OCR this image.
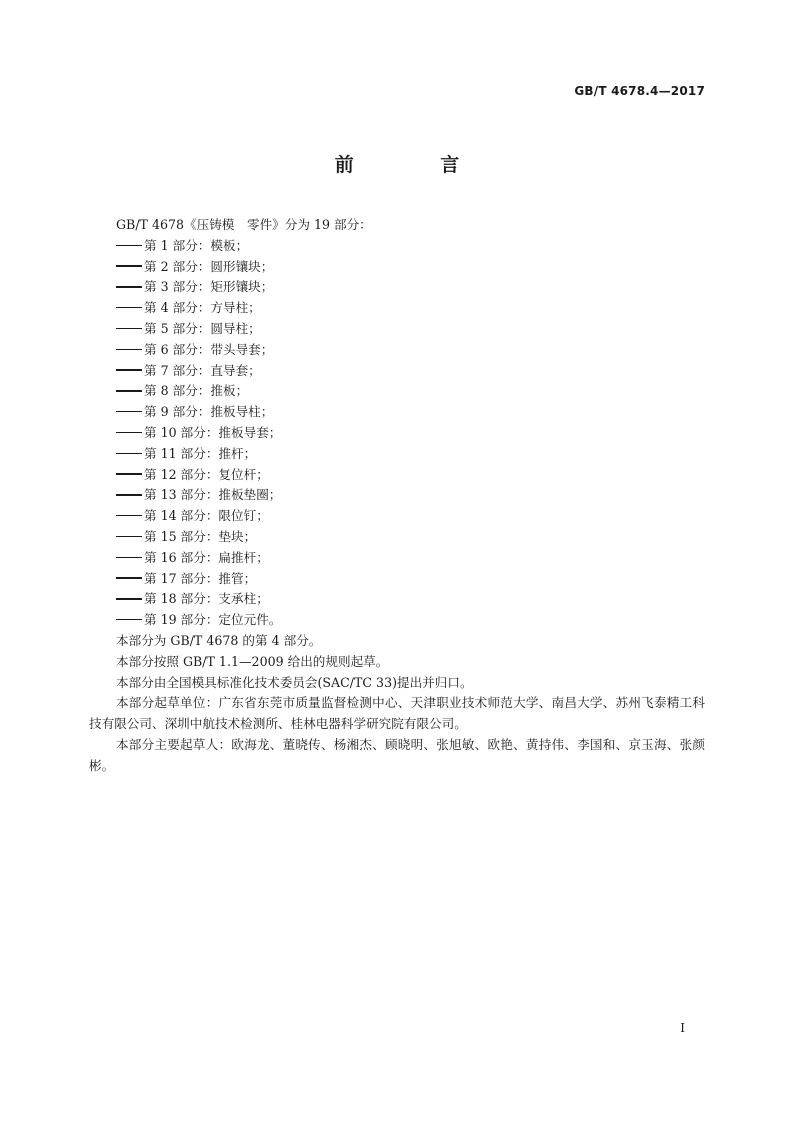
GB/T 4678.4—2017
前 言

GB/T 4678《压铸模　零件》分为 19 部分：

第 1 部分：模板；

第 2 部分：圆形镶块；

第 3 部分：矩形镶块；

第 4 部分：方导柱；

第 5 部分：圆导柱；

第 6 部分：带头导套；

第 7 部分：直导套；

第 8 部分：推板；

第 9 部分：推板导柱；

第 10 部分：推板导套；

第 11 部分：推杆；

第 12 部分：复位杆；

第 13 部分：推板垫圈；

第 14 部分：限位钉；

第 15 部分：垫块；

第 16 部分：扁推杆；

第 17 部分：推管；

第 18 部分：支承柱；

第 19 部分：定位元件。

本部分为 GB/T 4678 的第 4 部分。

本部分按照 GB/T 1.1—2009 给出的规则起草。

本部分由全国模具标准化技术委员会(SAC/TC 33)提出并归口。

本部分起草单位：广东省东莞市质量监督检测中心、天津职业技术师范大学、南昌大学、苏州飞泰精工科技有限公司、深圳中航技术检测所、桂林电器科学研究院有限公司。

本部分主要起草人：欧海龙、董晓传、杨湘杰、顾晓明、张旭敏、欧艳、黄持伟、李国和、京玉海、张颜彬。

I
